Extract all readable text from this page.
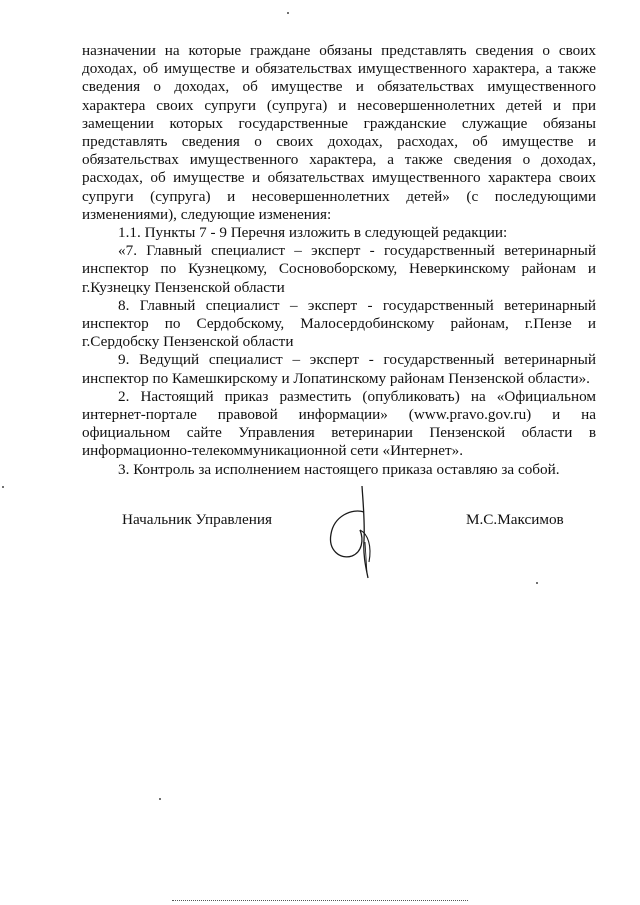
назначении на которые граждане обязаны представлять сведения о своих доходах, об имуществе и обязательствах имущественного характера, а также сведения о доходах, об имуществе и обязательствах имущественного характера своих супруги (супруга) и несовершеннолетних детей и при замещении которых государственные гражданские служащие обязаны представлять сведения о своих доходах, расходах, об имуществе и обязательствах имущественного характера, а также сведения о доходах, расходах, об имуществе и обязательствах имущественного характера своих супруги (супруга) и несовершеннолетних детей» (с последующими изменениями), следующие изменения:

1.1. Пункты 7 - 9 Перечня изложить в следующей редакции:

«7. Главный специалист – эксперт - государственный ветеринарный инспектор по Кузнецкому, Сосновоборскому, Неверкинскому районам и г.Кузнецку Пензенской области

8. Главный специалист – эксперт - государственный ветеринарный инспектор по Сердобскому, Малосердобинскому районам, г.Пензе и г.Сердобску Пензенской области

9. Ведущий специалист – эксперт - государственный ветеринарный инспектор по Камешкирскому и Лопатинскому районам Пензенской области».

2. Настоящий приказ разместить (опубликовать) на «Официальном интернет-портале правовой информации» (www.pravo.gov.ru) и на официальном сайте Управления ветеринарии Пензенской области в информационно-телекоммуникационной сети «Интернет».

3. Контроль за исполнением настоящего приказа оставляю за собой.

Начальник Управления	М.С.Максимов
